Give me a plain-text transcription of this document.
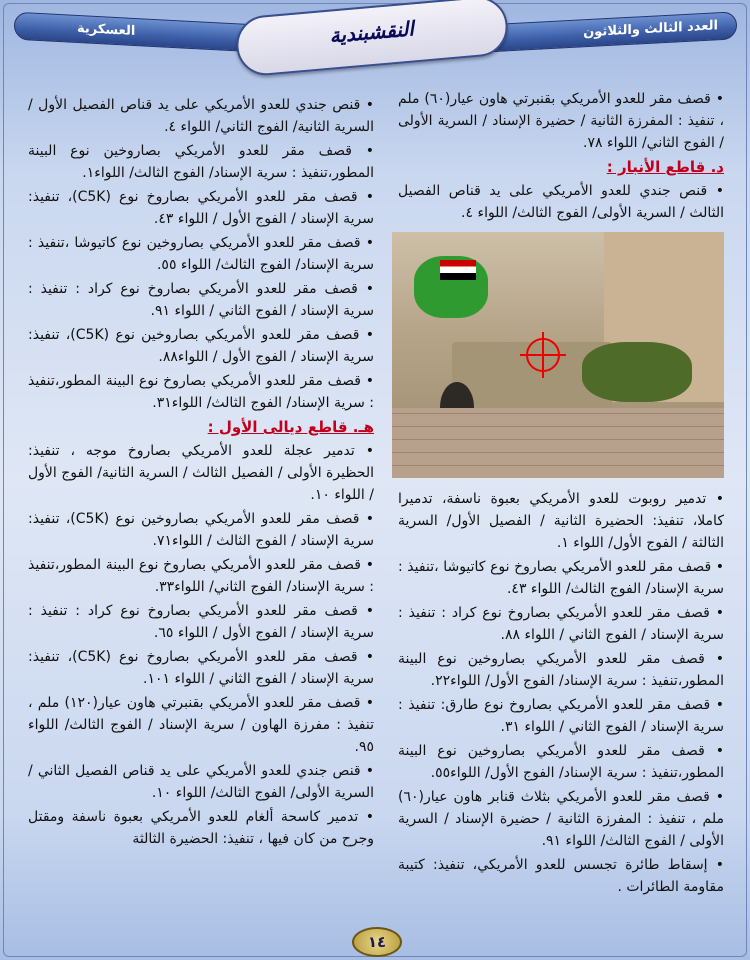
العسكرية	العدد الثالث والثلاثون
النقشبندية

• قصف مقر للعدو الأمريكي بقنبرتي هاون عيار(٦٠) ملم ، تنفيذ : المفرزة الثانية / حضيرة الإسناد / السرية الأولى / الفوج الثاني/ اللواء ٧٨.

د. قاطع الأنبار :

• قنص جندي للعدو الأمريكي على يد قناص الفصيل الثالث / السرية الأولى/ الفوج الثالث/ اللواء ٤.

• تدمير روبوت للعدو الأمريكي بعبوة ناسفة، تدميرا كاملا، تنفيذ: الحضيرة الثانية / الفصيل الأول/ السرية الثالثة / الفوج الأول/ اللواء ١.

• قصف مقر للعدو الأمريكي بصاروخ نوع كاتيوشا ،تنفيذ : سرية الإسناد/ الفوج الثالث/ اللواء ٤٣.

• قصف مقر للعدو الأمريكي بصاروخ نوع كراد : تنفيذ : سرية الإسناد / الفوج الثاني / اللواء ٨٨.

• قصف مقر للعدو الأمريكي بصاروخين نوع البينة المطور،تنفيذ : سرية الإسناد/ الفوج الأول/ اللواء٢٢.

• قصف مقر للعدو الأمريكي بصاروخ نوع طارق: تنفيذ : سرية الإسناد / الفوج الثاني / اللواء ٣١.

• قصف مقر للعدو الأمريكي بصاروخين نوع البينة المطور،تنفيذ : سرية الإسناد/ الفوج الأول/ اللواء٥٥.

• قصف مقر للعدو الأمريكي بثلاث قنابر هاون عيار(٦٠) ملم ، تنفيذ : المفرزة الثانية / حضيرة الإسناد / السرية الأولى / الفوج الثالث/ اللواء ٩١.

• إسقاط طائرة تجسس للعدو الأمريكي، تنفيذ: كتيبة مقاومة الطائرات .

• قنص جندي للعدو الأمريكي على يد قناص الفصيل الأول / السرية الثانية/ الفوج الثاني/ اللواء ٤.

• قصف مقر للعدو الأمريكي بصاروخين نوع البينة المطور،تنفيذ : سرية الإسناد/ الفوج الثالث/ اللواء١.

• قصف مقر للعدو الأمريكي بصاروخ نوع (C5K)، تنفيذ: سرية الإسناد / الفوج الأول / اللواء ٤٣.

• قصف مقر للعدو الأمريكي بصاروخين نوع كاتيوشا ،تنفيذ : سرية الإسناد/ الفوج الثالث/ اللواء ٥٥.

• قصف مقر للعدو الأمريكي بصاروخ نوع كراد : تنفيذ : سرية الإسناد / الفوج الثاني / اللواء ٩١.

• قصف مقر للعدو الأمريكي بصاروخين نوع (C5K)، تنفيذ: سرية الإسناد / الفوج الأول / اللواء٨٨.

• قصف مقر للعدو الأمريكي بصاروخ نوع البينة المطور،تنفيذ : سرية الإسناد/ الفوج الثالث/ اللواء٣١.

هـ. قاطع ديالى الأول :

• تدمير عجلة للعدو الأمريكي بصاروخ موجه ، تنفيذ: الحظيرة الأولى / الفصيل الثالث / السرية الثانية/ الفوج الأول / اللواء ١٠.

• قصف مقر للعدو الأمريكي بصاروخين نوع (C5K)، تنفيذ: سرية الإسناد / الفوج الثالث / اللواء٧١.

• قصف مقر للعدو الأمريكي بصاروخ نوع البينة المطور،تنفيذ : سرية الإسناد/ الفوج الثاني/ اللواء٣٣.

• قصف مقر للعدو الأمريكي بصاروخ نوع كراد : تنفيذ : سرية الإسناد / الفوج الأول / اللواء ٦٥.

• قصف مقر للعدو الأمريكي بصاروخ نوع (C5K)، تنفيذ: سرية الإسناد / الفوج الثاني / اللواء ١٠١.

• قصف مقر للعدو الأمريكي بقنبرتي هاون عيار(١٢٠) ملم ، تنفيذ : مفرزة الهاون / سرية الإسناد / الفوج الثالث/ اللواء ٩٥.

• قنص جندي للعدو الأمريكي على يد قناص الفصيل الثاني / السرية الأولى/ الفوج الثالث/ اللواء ١٠.

• تدمير كاسحة ألغام للعدو الأمريكي بعبوة ناسفة ومقتل وجرح من كان فيها ، تنفيذ: الحضيرة الثالثة

١٤
